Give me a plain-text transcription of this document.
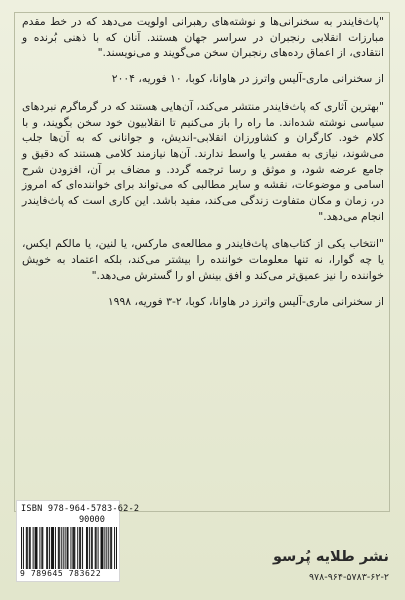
"پاث‌فایندر به سخنرانی‌ها و نوشته‌های رهبرانی اولویت می‌دهد که در خط مقدم مبارزات انقلابی رنجبران در سراسر جهان هستند. آنان که با ذهنی بُرنده و انتقادی، از اعماق رده‌های رنجبران سخن می‌گویند و می‌نویسند."

از سخنرانی ماری-آلیس واترز در هاوانا، کوبا، ۱۰ فوریه، ۲۰۰۴

"بهترین آثاری که پاث‌فایندر منتشر می‌کند، آن‌هایی هستند که در گرماگرم نبردهای سیاسی نوشته شده‌اند. ما راه را باز می‌کنیم تا انقلابیون خود سخن بگویند، و با کلام خود. کارگران و کشاورزان انقلابی-اندیش، و جوانانی که به آن‌ها جلب می‌شوند، نیازی به مفسر یا واسط ندارند. آن‌ها نیازمند کلامی هستند که دقیق و جامع عرضه شود، و موثق و رسا ترجمه گردد. و مضاف بر آن، افزودن شرح اسامی و موضوعات، نقشه و سایر مطالبی که می‌تواند برای خواننده‌ای که امروز در، زمان و مکان متفاوت زندگی می‌کند، مفید باشد. این کاری است که پاث‌فایندر انجام می‌دهد."

"انتخاب یکی از کتاب‌های پاث‌فایندر و مطالعه‌ی مارکس، یا لنین، یا مالکم ایکس، یا چه گوارا، نه تنها معلومات خواننده را بیشتر می‌کند، بلکه اعتماد به خویش خواننده را نیز عمیق‌تر می‌کند و افق بینش او را گسترش می‌دهد."

از سخنرانی ماری-آلیس واترز در هاوانا، کوبا، ۲-۳ فوریه، ۱۹۹۸

ISBN 978-964-5783-62-2
90000
9 789645 783622
نشر طلایه پُرسو
۹۷۸-۹۶۴-۵۷۸۳-۶۲-۲
